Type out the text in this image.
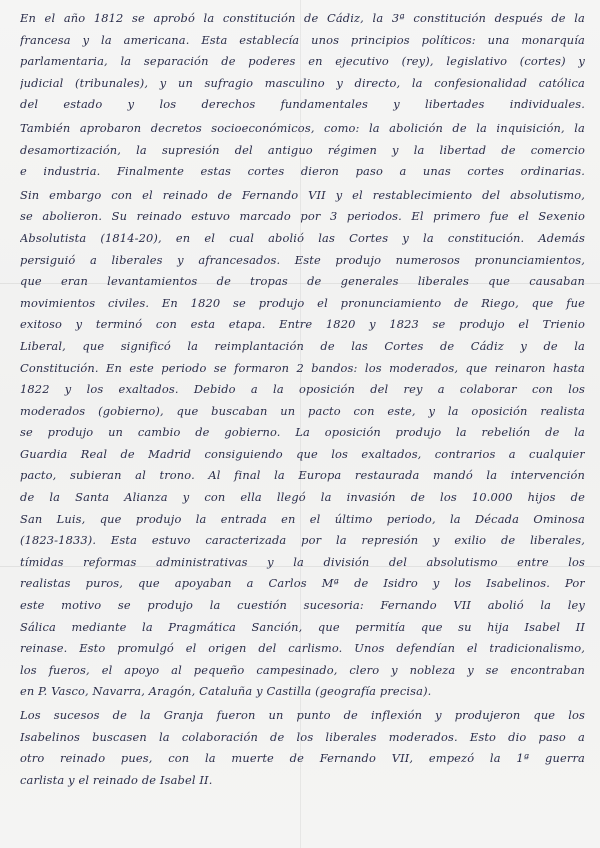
En el año 1812 se aprobó la constitución de Cádiz, la 3ª constitución después de la
francesa y la americana. Esta establecía unos principios políticos: una monarquía
parlamentaria, la separación de poderes en ejecutivo (rey), legislativo (cortes) y
judicial (tribunales), y un sufragio masculino y directo, la confesionalidad católica
del estado y los derechos fundamentales y libertades individuales.
También aprobaron decretos socioeconómicos, como: la abolición de la inquisición, la
desamortización, la supresión del antiguo régimen y la libertad de comercio
e industria. Finalmente estas cortes dieron paso a unas cortes ordinarias.
Sin embargo con el reinado de Fernando VII y el restablecimiento del absolutismo,
se abolieron. Su reinado estuvo marcado por 3 periodos. El primero fue el Sexenio
Absolutista (1814-20), en el cual abolió las Cortes y la constitución. Además
persiguió a liberales y afrancesados. Este produjo numerosos pronunciamientos,
que eran levantamientos de tropas de generales liberales que causaban
movimientos civiles. En 1820 se produjo el pronunciamiento de Riego, que fue
exitoso y terminó con esta etapa. Entre 1820 y 1823 se produjo el Trienio
Liberal, que significó la reimplantación de las Cortes de Cádiz y de la
Constitución. En este periodo se formaron 2 bandos: los moderados, que reinaron hasta
1822 y los exaltados. Debido a la oposición del rey a colaborar con los
moderados (gobierno), que buscaban un pacto con este, y la oposición realista
se produjo un cambio de gobierno. La oposición produjo la rebelión de la
Guardia Real de Madrid consiguiendo que los exaltados, contrarios a cualquier
pacto, subieran al trono. Al final la Europa restaurada mandó la intervención
de la Santa Alianza y con ella llegó la invasión de los 10.000 hijos de
San Luis, que produjo la entrada en el último periodo, la Década Ominosa
(1823-1833). Esta estuvo caracterizada por la represión y exilio de liberales,
tímidas reformas administrativas y la división del absolutismo entre los
realistas puros, que apoyaban a Carlos Mª de Isidro y los Isabelinos. Por
este motivo se produjo la cuestión sucesoria: Fernando VII abolió la ley
Sálica mediante la Pragmática Sanción, que permitía que su hija Isabel II
reinase. Esto promulgó el origen del carlismo. Unos defendían el tradicionalismo,
los fueros, el apoyo al pequeño campesinado, clero y nobleza y se encontraban
en P. Vasco, Navarra, Aragón, Cataluña y Castilla (geografía precisa).
Los sucesos de la Granja fueron un punto de inflexión y produjeron que los
Isabelinos buscasen la colaboración de los liberales moderados. Esto dio paso a
otro reinado pues, con la muerte de Fernando VII, empezó la 1ª guerra
carlista y el reinado de Isabel II.
